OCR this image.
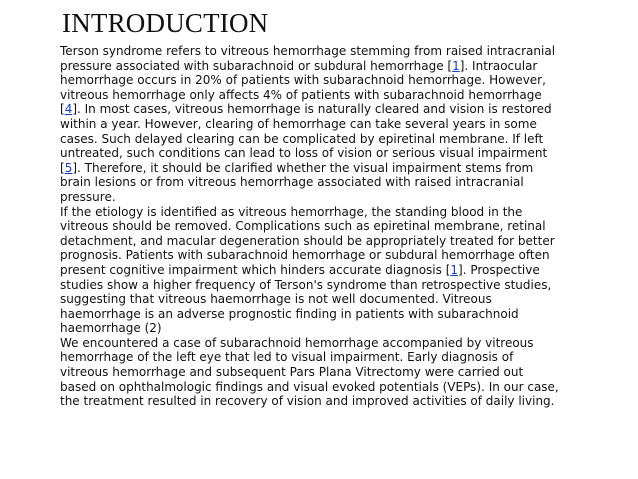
INTRODUCTION
Terson syndrome refers to vitreous hemorrhage stemming from raised intracranial
pressure associated with subarachnoid or subdural hemorrhage [1]. Intraocular
hemorrhage occurs in 20% of patients with subarachnoid hemorrhage. However,
vitreous hemorrhage only affects 4% of patients with subarachnoid hemorrhage
[4]. In most cases, vitreous hemorrhage is naturally cleared and vision is restored
within a year. However, clearing of hemorrhage can take several years in some
cases. Such delayed clearing can be complicated by epiretinal membrane. If left
untreated, such conditions can lead to loss of vision or serious visual impairment
[5]. Therefore, it should be clarified whether the visual impairment stems from
brain lesions or from vitreous hemorrhage associated with raised intracranial
pressure.
If the etiology is identified as vitreous hemorrhage, the standing blood in the
vitreous should be removed. Complications such as epiretinal membrane, retinal
detachment, and macular degeneration should be appropriately treated for better
prognosis. Patients with subarachnoid hemorrhage or subdural hemorrhage often
present cognitive impairment which hinders accurate diagnosis [1]. Prospective
studies show a higher frequency of Terson's syndrome than retrospective studies,
suggesting that vitreous haemorrhage is not well documented. Vitreous
haemorrhage is an adverse prognostic finding in patients with subarachnoid
haemorrhage (2)
We encountered a case of subarachnoid hemorrhage accompanied by vitreous
hemorrhage of the left eye that led to visual impairment. Early diagnosis of
vitreous hemorrhage and subsequent Pars Plana Vitrectomy were carried out
based on ophthalmologic findings and visual evoked potentials (VEPs). In our case,
the treatment resulted in recovery of vision and improved activities of daily living.
